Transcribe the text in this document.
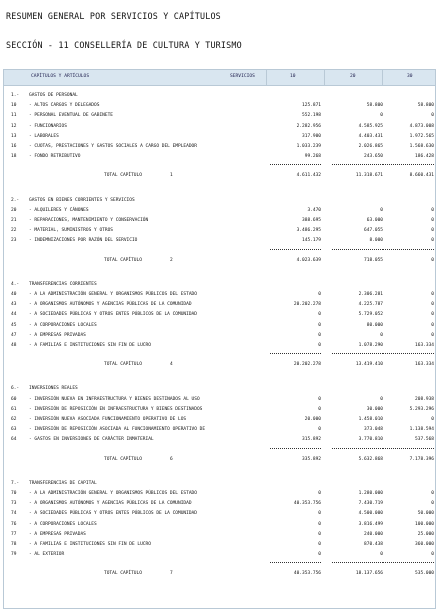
RESUMEN GENERAL POR SERVICIOS Y CAPÍTULOS
SECCIÓN - 11 CONSELLERÍA DE CULTURA Y TURISMO
CAPÍTULOS Y ARTÍCULOS	SERVICIOS	10	20	30
1.- GASTOS DE PERSONAL
10	- ALTOS CARGOS Y DELEGADOS	125.871	58.800	58.800
11	- PERSONAL EVENTUAL DE GABINETE	552.198	0	0
12	- FUNCIONARIOS	2.282.956	4.585.925	4.873.008
13	- LABORALES	317.900	4.403.431	1.972.565
16	- CUOTAS, PRESTACIONES Y GASTOS SOCIALES A CARGO DEL EMPLEADOR	1.033.239	2.026.865	1.568.630
18	- FONDO RETRIBUTIVO	99.268	243.650	186.428
TOTAL CAPÍTULO	1	4.611.432	11.318.671	8.660.431
2.- GASTOS EN BIENES CORRIENTES Y SERVICIOS
20	- ALQUILERES Y CÁNONES	3.470	0	0
21	- REPARACIONES, MANTENIMIENTO Y CONSERVACIÓN	388.695	63.000	0
22	- MATERIAL, SUMINISTROS Y OTROS	3.486.295	647.055	0
23	- INDEMNIZACIONES POR RAZÓN DEL SERVICIO	145.179	8.000	0
TOTAL CAPÍTULO	2	4.023.639	718.055	0
4.- TRANSFERENCIAS CORRIENTES
40	- A LA ADMINISTRACIÓN GENERAL Y ORGANISMOS PÚBLICOS DEL ESTADO	0	2.306.281	0
43	- A ORGANISMOS AUTÓNOMOS Y AGENCIAS PÚBLICAS DE LA COMUNIDAD	20.202.278	4.225.787	0
44	- A SOCIEDADES PÚBLICAS Y OTROS ENTES PÚBLICOS DE LA COMUNIDAD	0	5.729.052	0
45	- A CORPORACIONES LOCALES	0	80.000	0
47	- A EMPRESAS PRIVADAS	0	0	0
48	- A FAMILIAS E INSTITUCIONES SIN FIN DE LUCRO	0	1.078.290	163.334
TOTAL CAPÍTULO	4	20.202.278	13.419.410	163.334
6.- INVERSIONES REALES
60	- INVERSIÓN NUEVA EN INFRAESTRUCTURA Y BIENES DESTINADOS AL USO	0	0	208.938
61	- INVERSIÓN DE REPOSICIÓN EN INFRAESTRUCTURA Y BIENES DESTINADOS	0	30.000	5.293.296
62	- INVERSIÓN NUEVA ASOCIADA FUNCIONAMIENTO OPERATIVO DE LOS	20.000	1.458.010	0
63	- INVERSIÓN DE REPOSICIÓN ASOCIADA AL FUNCIONAMIENTO OPERATIVO DE	0	373.048	1.138.594
64	- GASTOS EN INVERSIONES DE CARÁCTER INMATERIAL	315.892	3.770.810	537.568
TOTAL CAPÍTULO	6	335.892	5.632.868	7.178.396
7.- TRANSFERENCIAS DE CAPITAL
70	- A LA ADMINISTRACIÓN GENERAL Y ORGANISMOS PÚBLICOS DEL ESTADO	0	1.280.000	0
73	- A ORGANISMOS AUTÓNOMOS Y AGENCIAS PÚBLICAS DE LA COMUNIDAD	40.353.756	7.430.719	0
74	- A SOCIEDADES PÚBLICAS Y OTROS ENTES PÚBLICOS DE LA COMUNIDAD	0	4.500.000	50.000
76	- A CORPORACIONES LOCALES	0	3.816.499	100.000
77	- A EMPRESAS PRIVADAS	0	240.000	25.000
78	- A FAMILIAS E INSTITUCIONES SIN FIN DE LUCRO	0	870.438	360.000
79	- AL EXTERIOR	0	0	0
TOTAL CAPÍTULO	7	40.353.756	18.137.656	535.000
